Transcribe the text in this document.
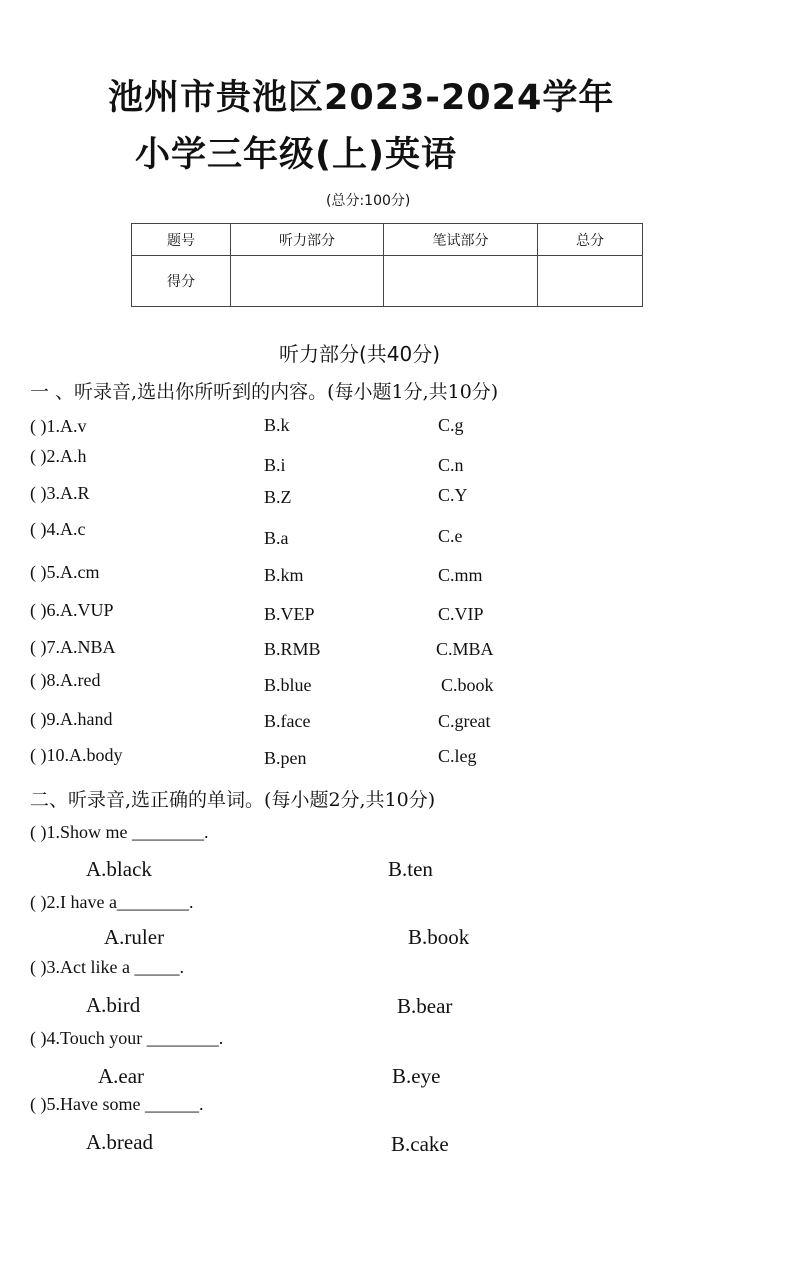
池州市贵池区2023-2024学年
小学三年级(上)英语
(总分:100分)
题号	听力部分	笔试部分	总分
得分			
听力部分(共40分)
一 、听录音,选出你所听到的内容。(每小题1分,共10分)
( )1.A.v	B.k	C.g
( )2.A.h	B.i	C.n
( )3.A.R	B.Z	C.Y
( )4.A.c	B.a	C.e
( )5.A.cm	B.km	C.mm
( )6.A.VUP	B.VEP	C.VIP
( )7.A.NBA	B.RMB	C.MBA
( )8.A.red	B.blue	C.book
( )9.A.hand	B.face	C.great
( )10.A.body	B.pen	C.leg
二、听录音,选正确的单词。(每小题2分,共10分)
( )1.Show me ________.
A.black	B.ten
( )2.I have a________.
A.ruler	B.book
( )3.Act like a _____.
A.bird	B.bear
( )4.Touch your ________.
A.ear	B.eye
( )5.Have some ______.
A.bread	B.cake
